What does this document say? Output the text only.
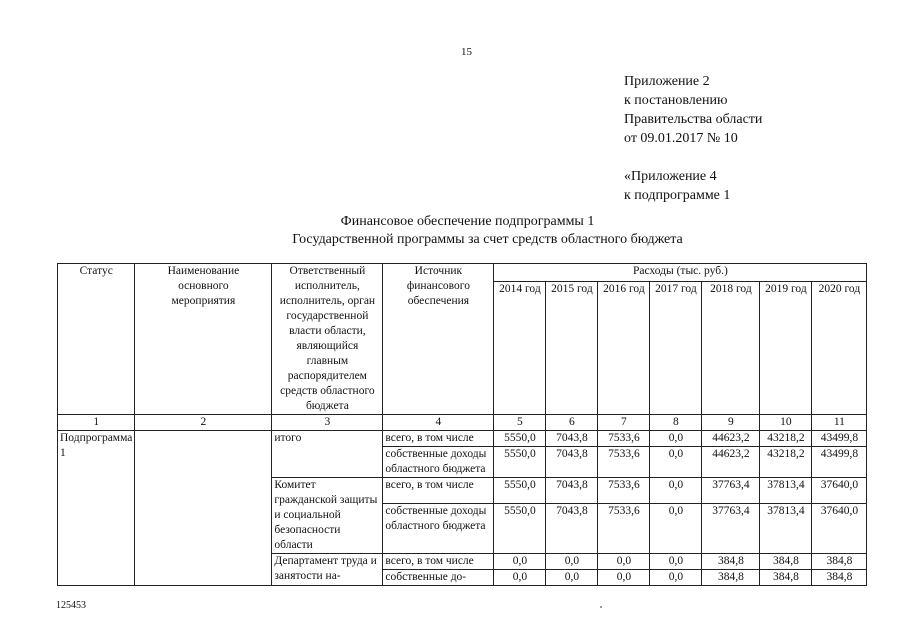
15
Приложение 2
к постановлению
Правительства области
от 09.01.2017 № 10
«Приложение 4
к подпрограмме 1
Финансовое обеспечение подпрограммы 1
Государственной программы за счет средств областного бюджета
Статус	Наименование основного мероприятия	Ответственный исполнитель, исполнитель, орган государственной власти области, являющийся главным распорядителем средств областного бюджета	Источник финансового обеспечения	Расходы (тыс. руб.)						
				2014 год	2015 год	2016 год	2017 год	2018 год	2019 год	2020 год
1	2	3	4	5	6	7	8	9	10	11
Подпрограмма 1		итого	всего, в том числе	5550,0	7043,8	7533,6	0,0	44623,2	43218,2	43499,8
			собственные доходы областного бюджета	5550,0	7043,8	7533,6	0,0	44623,2	43218,2	43499,8
		Комитет гражданской защиты и социальной безопасности области	всего, в том числе	5550,0	7043,8	7533,6	0,0	37763,4	37813,4	37640,0
			собственные доходы областного бюджета	5550,0	7043,8	7533,6	0,0	37763,4	37813,4	37640,0
		Департамент труда и занятости на-	всего, в том числе	0,0	0,0	0,0	0,0	384,8	384,8	384,8
			собственные до-	0,0	0,0	0,0	0,0	384,8	384,8	384,8
125453
